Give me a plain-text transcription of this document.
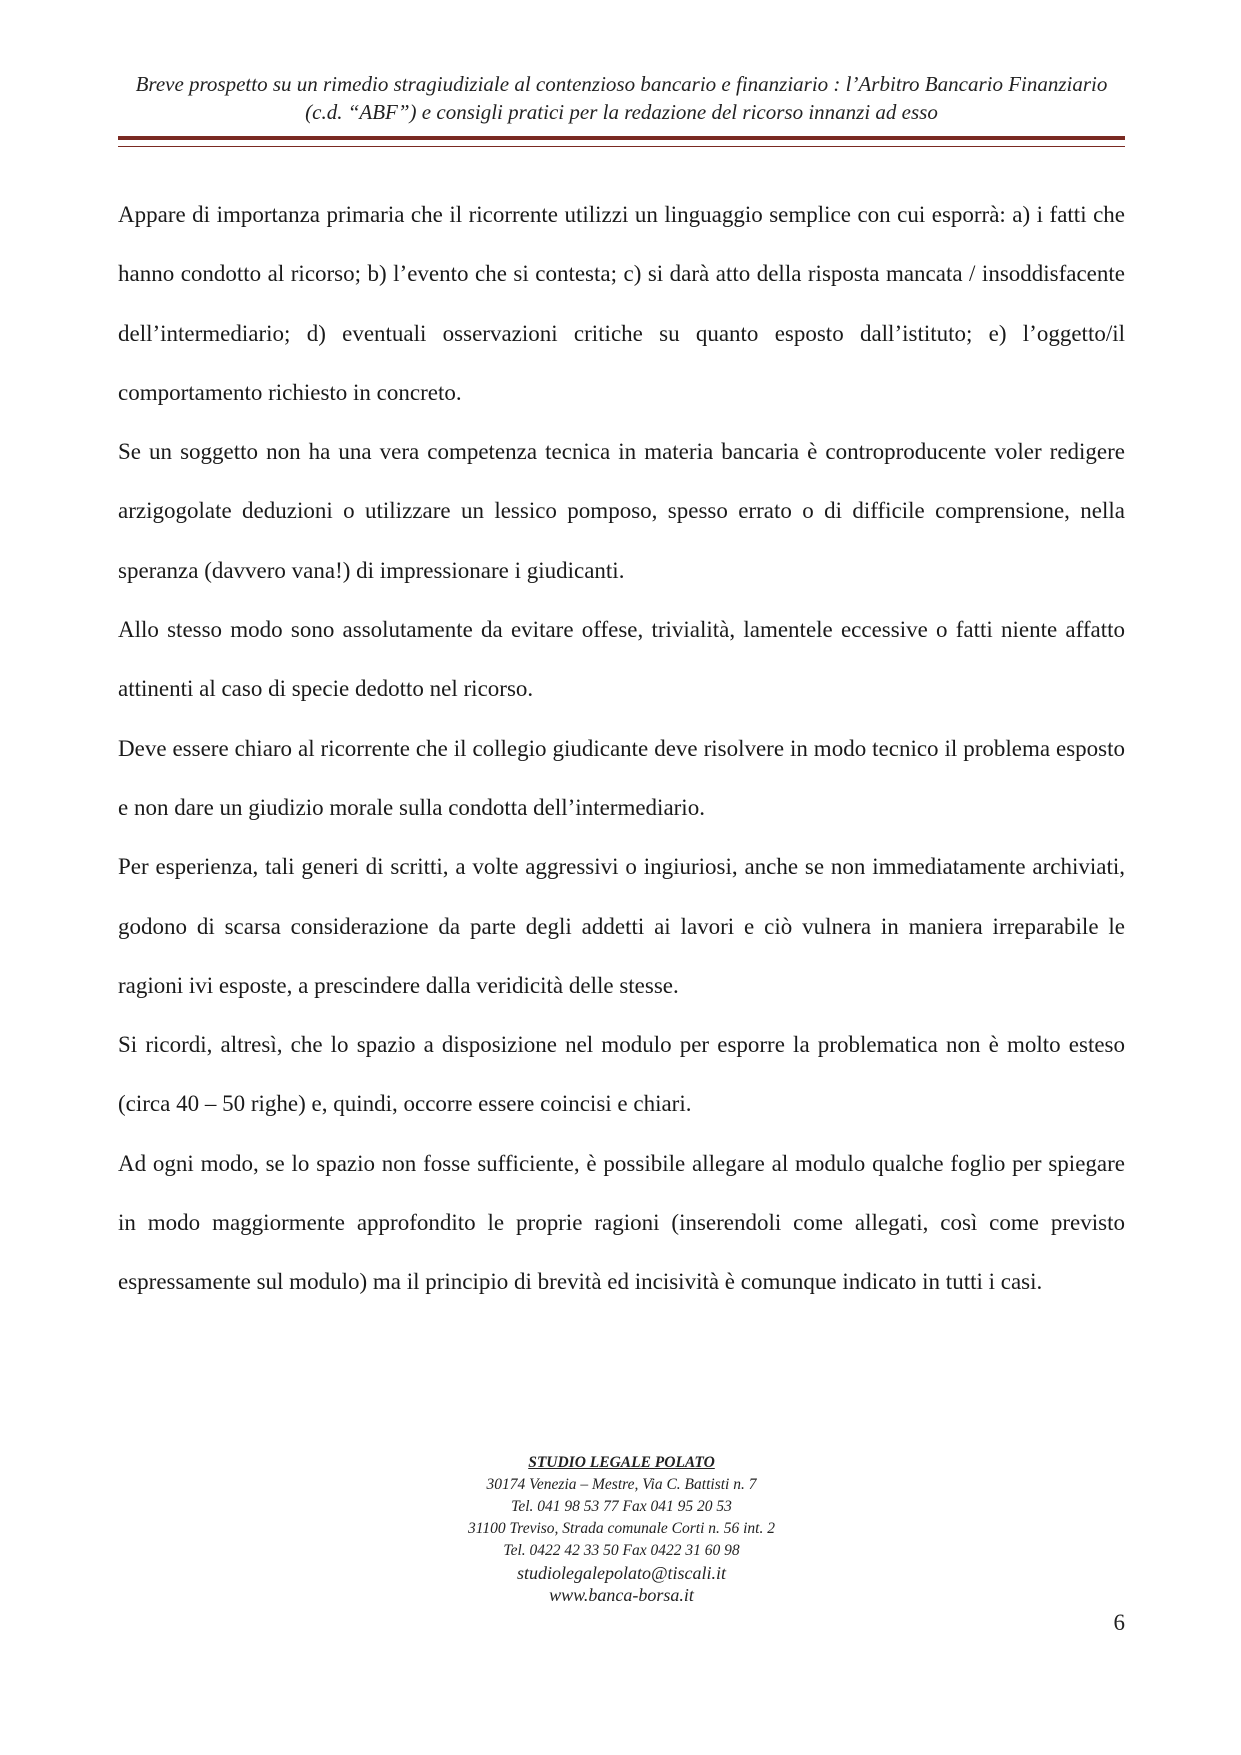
Breve prospetto su un rimedio stragiudiziale al contenzioso bancario e finanziario : l’Arbitro Bancario Finanziario
(c.d. “ABF”) e consigli pratici per la redazione del ricorso innanzi ad esso

Appare di importanza primaria che il ricorrente utilizzi un linguaggio semplice con cui esporrà: a) i fatti che hanno condotto al ricorso; b) l’evento che si contesta; c) si darà atto della risposta mancata / insoddisfacente dell’intermediario; d) eventuali osservazioni critiche su quanto esposto dall’istituto; e) l’oggetto/il comportamento richiesto in concreto.

Se un soggetto non ha una vera competenza tecnica in materia bancaria è controproducente voler redigere arzigogolate deduzioni o utilizzare un lessico pomposo, spesso errato o di difficile comprensione, nella speranza (davvero vana!) di impressionare i giudicanti.

Allo stesso modo sono assolutamente da evitare offese, trivialità, lamentele eccessive o fatti niente affatto attinenti al caso di specie dedotto nel ricorso.

Deve essere chiaro al ricorrente che il collegio giudicante deve risolvere in modo tecnico il problema esposto e non dare un giudizio morale sulla condotta dell’intermediario.

Per esperienza, tali generi di scritti, a volte aggressivi o ingiuriosi, anche se non immediatamente archiviati, godono di scarsa considerazione da parte degli addetti ai lavori e ciò vulnera in maniera irreparabile le ragioni ivi esposte, a prescindere dalla veridicità delle stesse.

Si ricordi, altresì, che lo spazio a disposizione nel modulo per esporre la problematica non è molto esteso (circa 40 – 50 righe) e, quindi, occorre essere coincisi e chiari.

Ad ogni modo, se lo spazio non fosse sufficiente, è possibile allegare al modulo qualche foglio per spiegare in modo maggiormente approfondito le proprie ragioni (inserendoli come allegati, così come previsto espressamente sul modulo) ma il principio di brevità ed incisività è comunque indicato in tutti i casi.

STUDIO LEGALE POLATO
30174 Venezia – Mestre, Via C. Battisti n. 7
Tel. 041 98 53 77 Fax 041 95 20 53
31100 Treviso, Strada comunale Corti n. 56 int. 2
Tel. 0422 42 33 50 Fax 0422 31 60 98
studiolegalepolato@tiscali.it
www.banca-borsa.it
6
